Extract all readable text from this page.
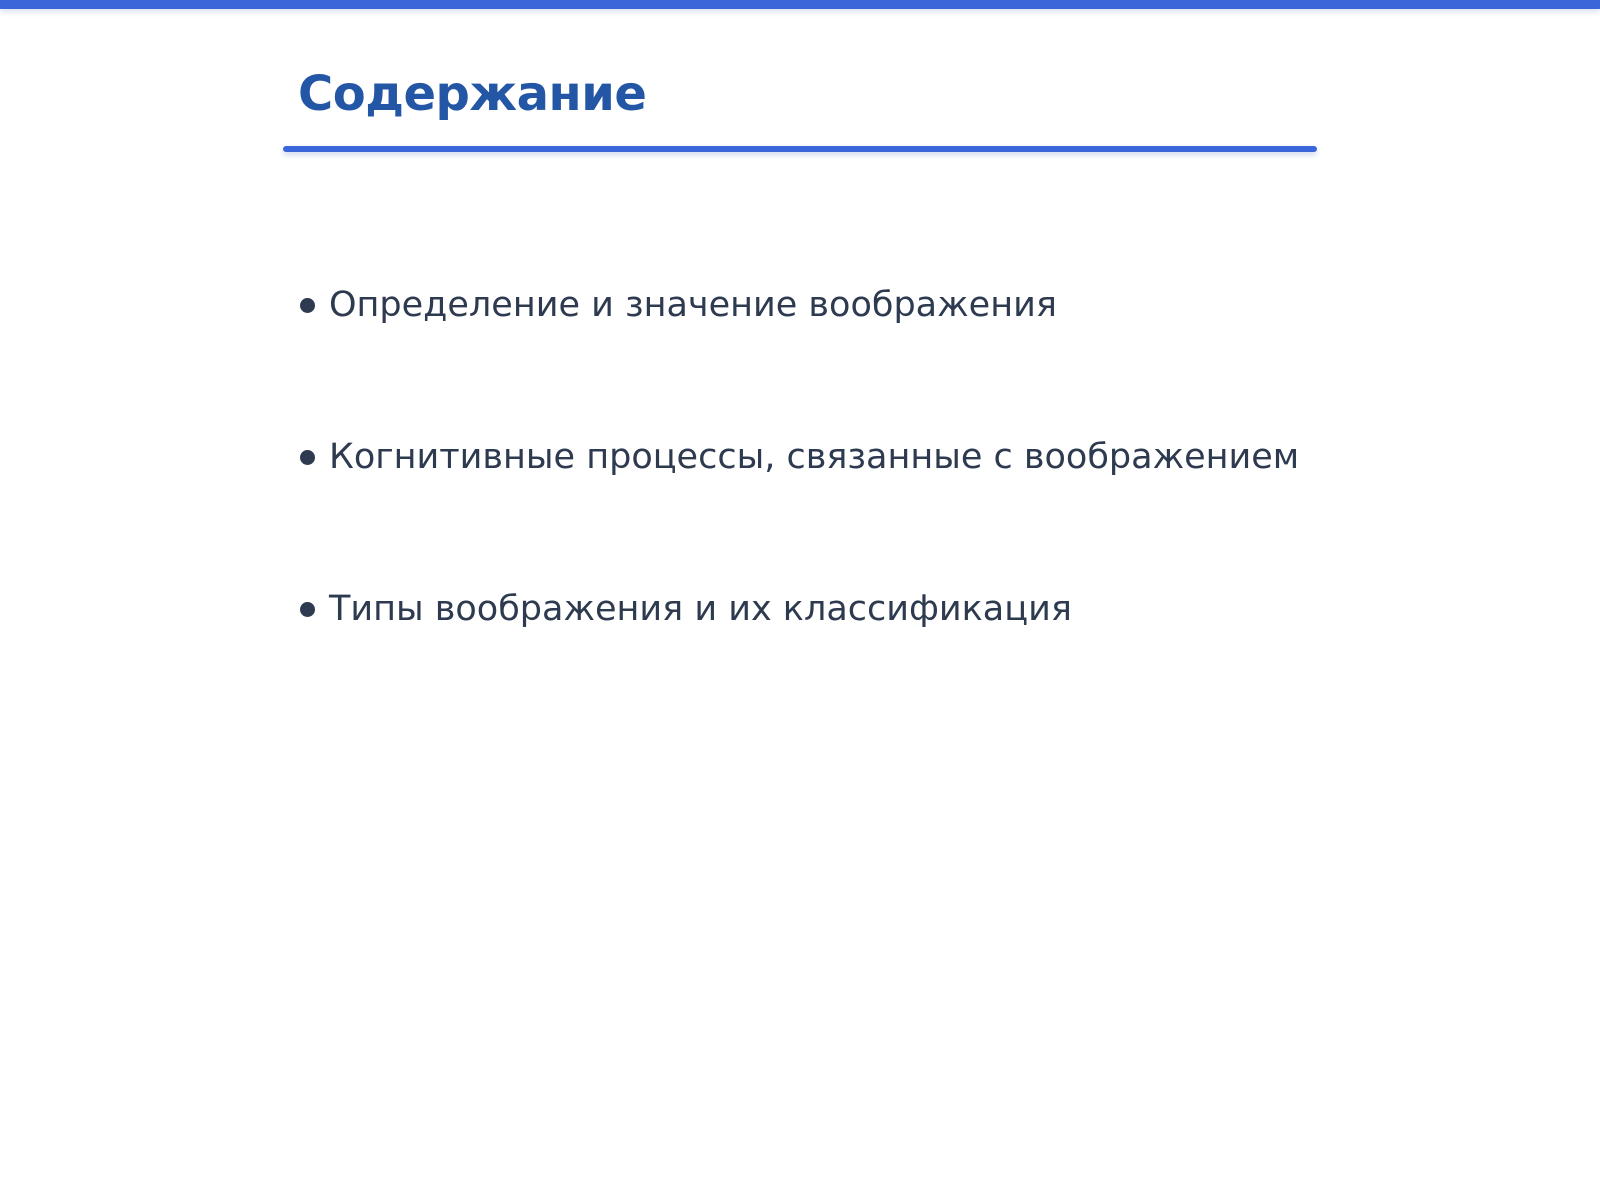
Содержание
Определение и значение воображения
Когнитивные процессы, связанные с воображением
Типы воображения и их классификация
